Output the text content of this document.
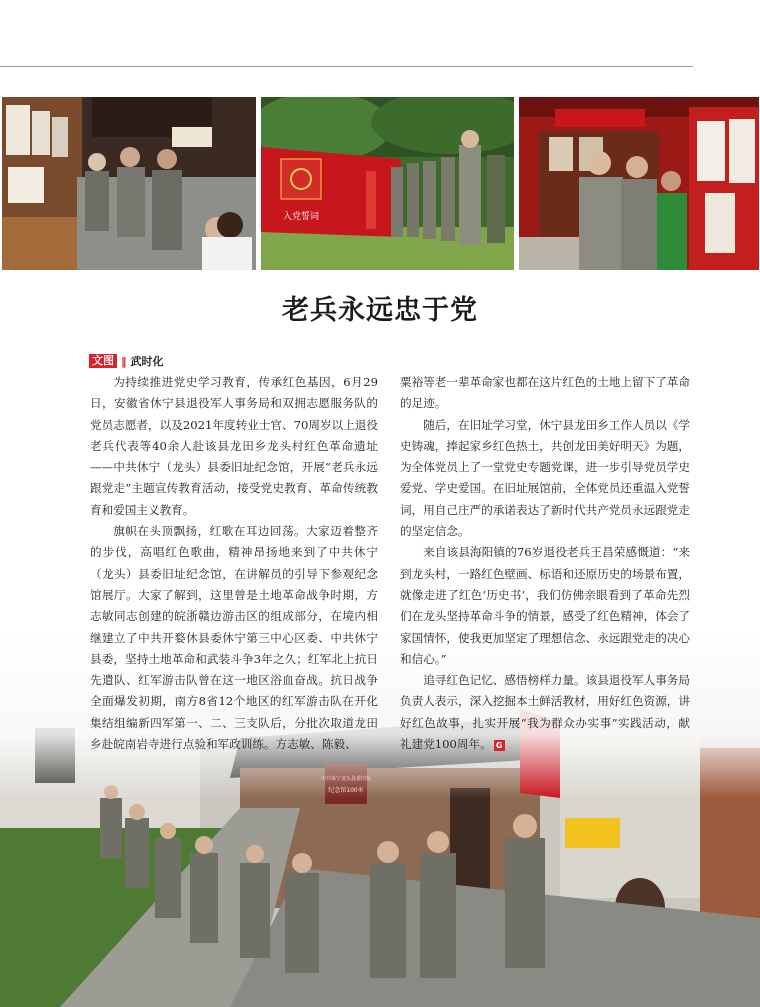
入党誓词
老兵永远忠于党
文图 ‖ 武时化

为持续推进党史学习教育，传承红色基因，6月29日，安徽省休宁县退役军人事务局和双拥志愿服务队的党员志愿者，以及2021年度转业士官、70周岁以上退役老兵代表等40余人赴该县龙田乡龙头村红色革命遗址——中共休宁（龙头）县委旧址纪念馆，开展“老兵永远跟党走”主题宣传教育活动，接受党史教育、革命传统教育和爱国主义教育。

旗帜在头顶飘扬，红歌在耳边回荡。大家迈着整齐的步伐，高唱红色歌曲，精神昂扬地来到了中共休宁（龙头）县委旧址纪念馆，在讲解员的引导下参观纪念馆展厅。大家了解到，这里曾是土地革命战争时期，方志敏同志创建的皖浙赣边游击区的组成部分，在境内相继建立了中共开婺休县委休宁第三中心区委、中共休宁县委，坚持土地革命和武装斗争3年之久；红军北上抗日先遣队、红军游击队曾在这一地区浴血奋战。抗日战争全面爆发初期，南方8省12个地区的红军游击队在开化集结组编新四军第一、二、三支队后，分批次取道龙田乡赴皖南岩寺进行点验和军政训练。方志敏、陈毅、

粟裕等老一辈革命家也都在这片红色的土地上留下了革命的足迹。

随后，在旧址学习堂，休宁县龙田乡工作人员以《学史铸魂，捧起家乡红色热土，共创龙田美好明天》为题，为全体党员上了一堂党史专题党课，进一步引导党员学史爱党、学史爱国。在旧址展馆前，全体党员还重温入党誓词，用自己庄严的承诺表达了新时代共产党员永远跟党走的坚定信念。

来自该县海阳镇的76岁退役老兵王昌荣感慨道：“来到龙头村，一路红色壁画、标语和还原历史的场景布置，就像走进了红色‘历史书’，我们仿佛亲眼看到了革命先烈们在龙头坚持革命斗争的情景，感受了红色精神，体会了家国情怀，使我更加坚定了理想信念、永远跟党走的决心和信心。”

追寻红色记忆、感悟榜样力量。该县退役军人事务局负责人表示，深入挖掘本土鲜活教材，用好红色资源，讲好红色故事，扎实开展“我为群众办实事”实践活动，献礼建党100周年。 G
